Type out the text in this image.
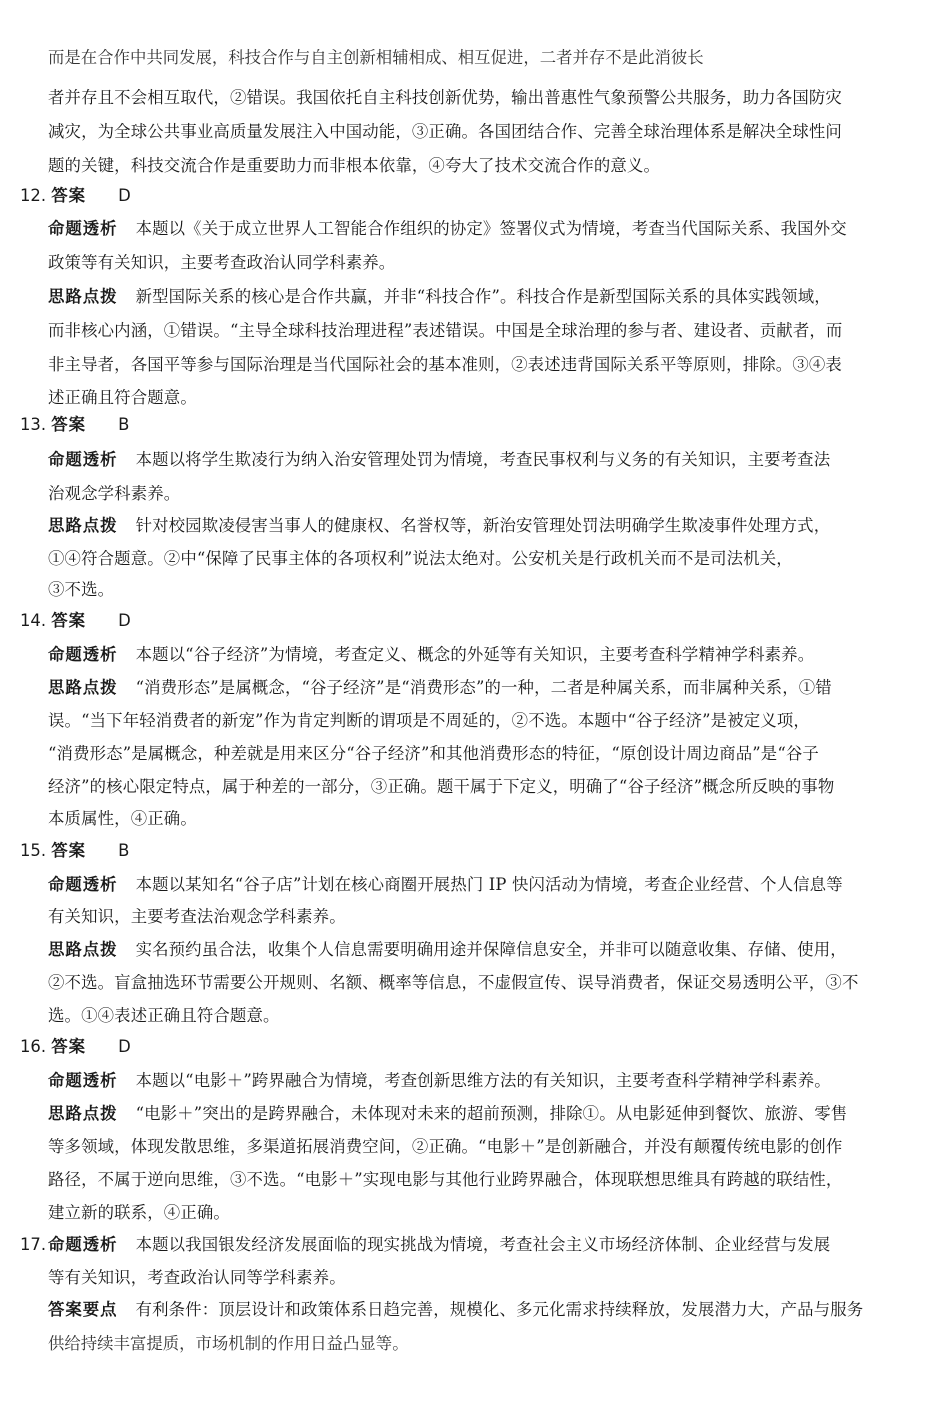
而是在合作中共同发展，科技合作与自主创新相辅相成、相互促进，二者并存不是此消彼长
者并存且不会相互取代，②错误。我国依托自主科技创新优势，输出普惠性气象预警公共服务，助力各国防灾
减灾，为全球公共事业高质量发展注入中国动能，③正确。各国团结合作、完善全球治理体系是解决全球性问
题的关键，科技交流合作是重要助力而非根本依靠，④夸大了技术交流合作的意义。
12. 答案 D
命题透析 本题以《关于成立世界人工智能合作组织的协定》签署仪式为情境，考查当代国际关系、我国外交
政策等有关知识，主要考查政治认同学科素养。
思路点拨 新型国际关系的核心是合作共赢，并非“科技合作”。科技合作是新型国际关系的具体实践领域，
而非核心内涵，①错误。“主导全球科技治理进程”表述错误。中国是全球治理的参与者、建设者、贡献者，而
非主导者，各国平等参与国际治理是当代国际社会的基本准则，②表述违背国际关系平等原则，排除。③④表
述正确且符合题意。
13. 答案 B
命题透析 本题以将学生欺凌行为纳入治安管理处罚为情境，考查民事权利与义务的有关知识，主要考查法
治观念学科素养。
思路点拨 针对校园欺凌侵害当事人的健康权、名誉权等，新治安管理处罚法明确学生欺凌事件处理方式，
①④符合题意。②中“保障了民事主体的各项权利”说法太绝对。公安机关是行政机关而不是司法机关，
③不选。
14. 答案 D
命题透析 本题以“谷子经济”为情境，考查定义、概念的外延等有关知识，主要考查科学精神学科素养。
思路点拨 “消费形态”是属概念，“谷子经济”是“消费形态”的一种，二者是种属关系，而非属种关系，①错
误。“当下年轻消费者的新宠”作为肯定判断的谓项是不周延的，②不选。本题中“谷子经济”是被定义项，
“消费形态”是属概念，种差就是用来区分“谷子经济”和其他消费形态的特征，“原创设计周边商品”是“谷子
经济”的核心限定特点，属于种差的一部分，③正确。题干属于下定义，明确了“谷子经济”概念所反映的事物
本质属性，④正确。
15. 答案 B
命题透析 本题以某知名“谷子店”计划在核心商圈开展热门 IP 快闪活动为情境，考查企业经营、个人信息等
有关知识，主要考查法治观念学科素养。
思路点拨 实名预约虽合法，收集个人信息需要明确用途并保障信息安全，并非可以随意收集、存储、使用，
②不选。盲盒抽选环节需要公开规则、名额、概率等信息，不虚假宣传、误导消费者，保证交易透明公平，③不
选。①④表述正确且符合题意。
16. 答案 D
命题透析 本题以“电影＋”跨界融合为情境，考查创新思维方法的有关知识，主要考查科学精神学科素养。
思路点拨 “电影＋”突出的是跨界融合，未体现对未来的超前预测，排除①。从电影延伸到餐饮、旅游、零售
等多领域，体现发散思维，多渠道拓展消费空间，②正确。“电影＋”是创新融合，并没有颠覆传统电影的创作
路径，不属于逆向思维，③不选。“电影＋”实现电影与其他行业跨界融合，体现联想思维具有跨越的联结性，
建立新的联系，④正确。
17. 命题透析 本题以我国银发经济发展面临的现实挑战为情境，考查社会主义市场经济体制、企业经营与发展
等有关知识，考查政治认同等学科素养。
答案要点 有利条件：顶层设计和政策体系日趋完善，规模化、多元化需求持续释放，发展潜力大，产品与服务
供给持续丰富提质，市场机制的作用日益凸显等。
